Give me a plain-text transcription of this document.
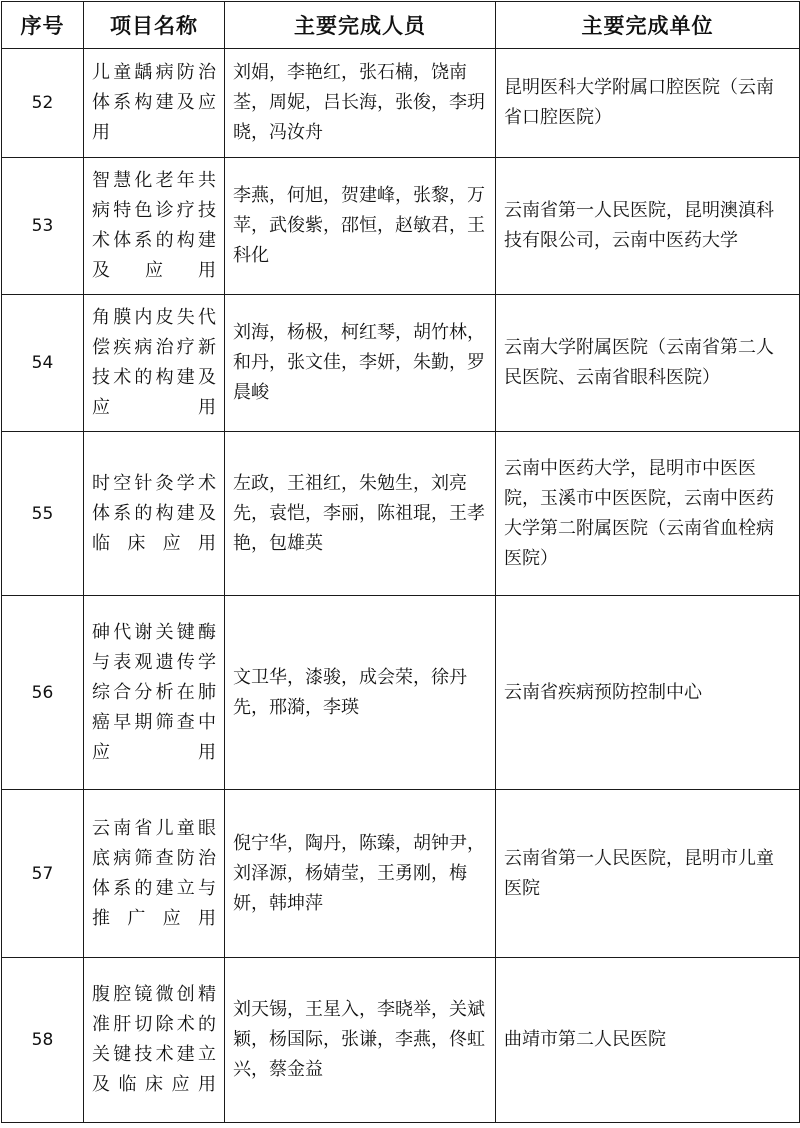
序号	项目名称	主要完成人员	主要完成单位
52	儿童龋病防治体系构建及应用	刘娟，李艳红，张石楠，饶南荃，周妮，吕长海，张俊，李玥晓，冯汝舟	昆明医科大学附属口腔医院（云南省口腔医院）
53	智慧化老年共病特色诊疗技术体系的构建及应用	李燕，何旭，贺建峰，张黎，万苹，武俊紫，邵恒，赵敏君，王科化	云南省第一人民医院，昆明澳滇科技有限公司，云南中医药大学
54	角膜内皮失代偿疾病治疗新技术的构建及应用	刘海，杨极，柯红琴，胡竹林，和丹，张文佳，李妍，朱勤，罗晨峻	云南大学附属医院（云南省第二人民医院、云南省眼科医院）
55	时空针灸学术体系的构建及临床应用	左政，王祖红，朱勉生，刘亮先，袁恺，李丽，陈祖琨，王孝艳，包雄英	云南中医药大学，昆明市中医医院，玉溪市中医医院，云南中医药大学第二附属医院（云南省血栓病医院）
56	砷代谢关键酶与表观遗传学综合分析在肺癌早期筛查中应用	文卫华，漆骏，成会荣，徐丹先，邢漪，李瑛	云南省疾病预防控制中心
57	云南省儿童眼底病筛查防治体系的建立与推广应用	倪宁华，陶丹，陈臻，胡钟尹，刘泽源，杨婧莹，王勇刚，梅妍，韩坤萍	云南省第一人民医院，昆明市儿童医院
58	腹腔镜微创精准肝切除术的关键技术建立及临床应用	刘天锡，王星入，李晓举，关斌颖，杨国际，张谦，李燕，佟虹兴，蔡金益	曲靖市第二人民医院
